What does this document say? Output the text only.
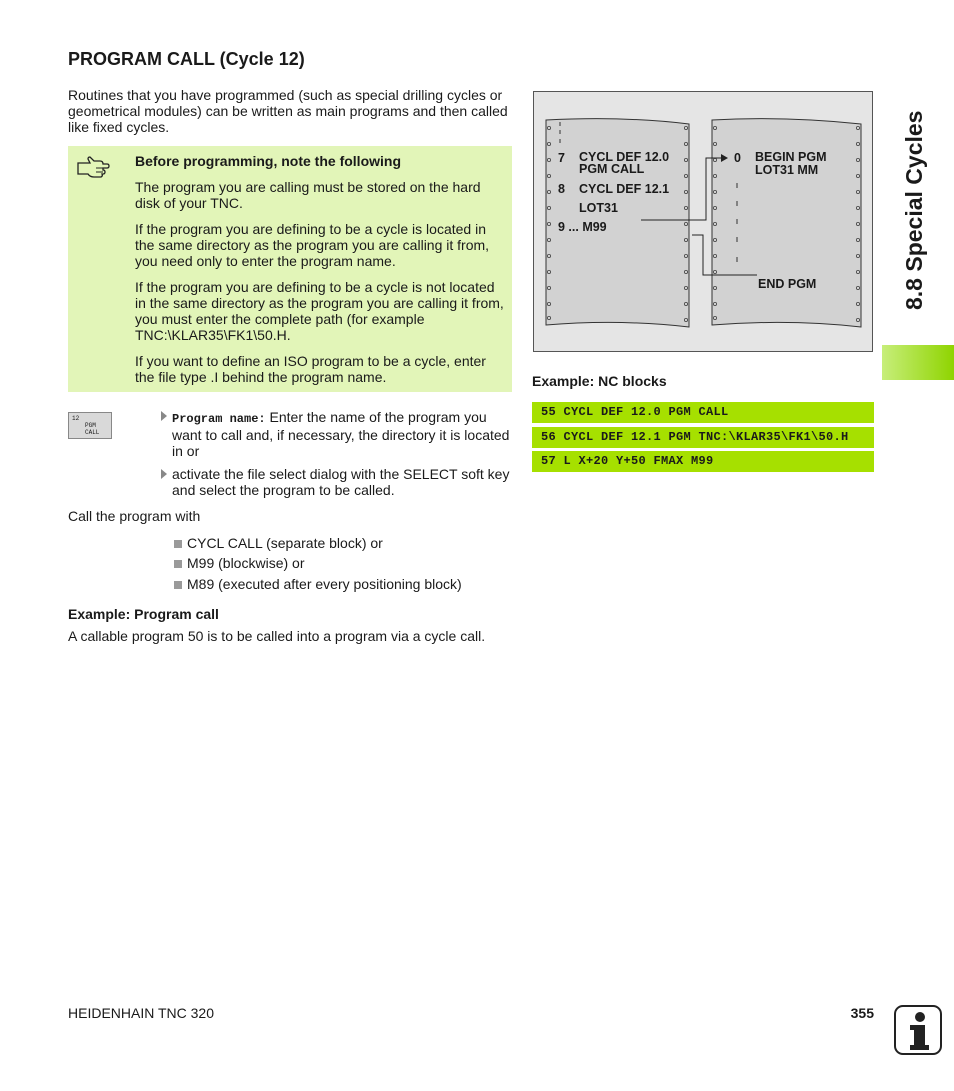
PROGRAM CALL (Cycle 12)
Routines that you have programmed (such as special drilling cycles or geometrical modules) can be written as main programs and then called like fixed cycles.
Before programming, note the following
The program you are calling must be stored on the hard disk of your TNC.
If the program you are defining to be a cycle is located in the same directory as the program you are calling it from, you need only to enter the program name.
If the program you are defining to be a cycle is not located in the same directory as the program you are calling it from, you must enter the complete path (for example TNC:\KLAR35\FK1\50.H.
If you want to define an ISO program to be a cycle, enter the file type .I behind the program name.
12
PGM
CALL
Program name: Enter the name of the program you want to call and, if necessary, the directory it is located in or
activate the file select dialog with the SELECT soft key and select the program to be called.
Call the program with
CYCL CALL (separate block) or
M99 (blockwise) or
M89 (executed after every positioning block)
Example: Program call
A callable program 50 is to be called into a program via a cycle call.
7 CYCL DEF 12.0
PGM CALL
8 CYCL DEF 12.1
LOT31
9 ... M99
0 BEGIN PGM
LOT31 MM
END PGM
Example: NC blocks
55 CYCL DEF 12.0 PGM CALL
56 CYCL DEF 12.1 PGM TNC:\KLAR35\FK1\50.H
57 L X+20 Y+50 FMAX M99
8.8 Special Cycles
HEIDENHAIN TNC 320	355
